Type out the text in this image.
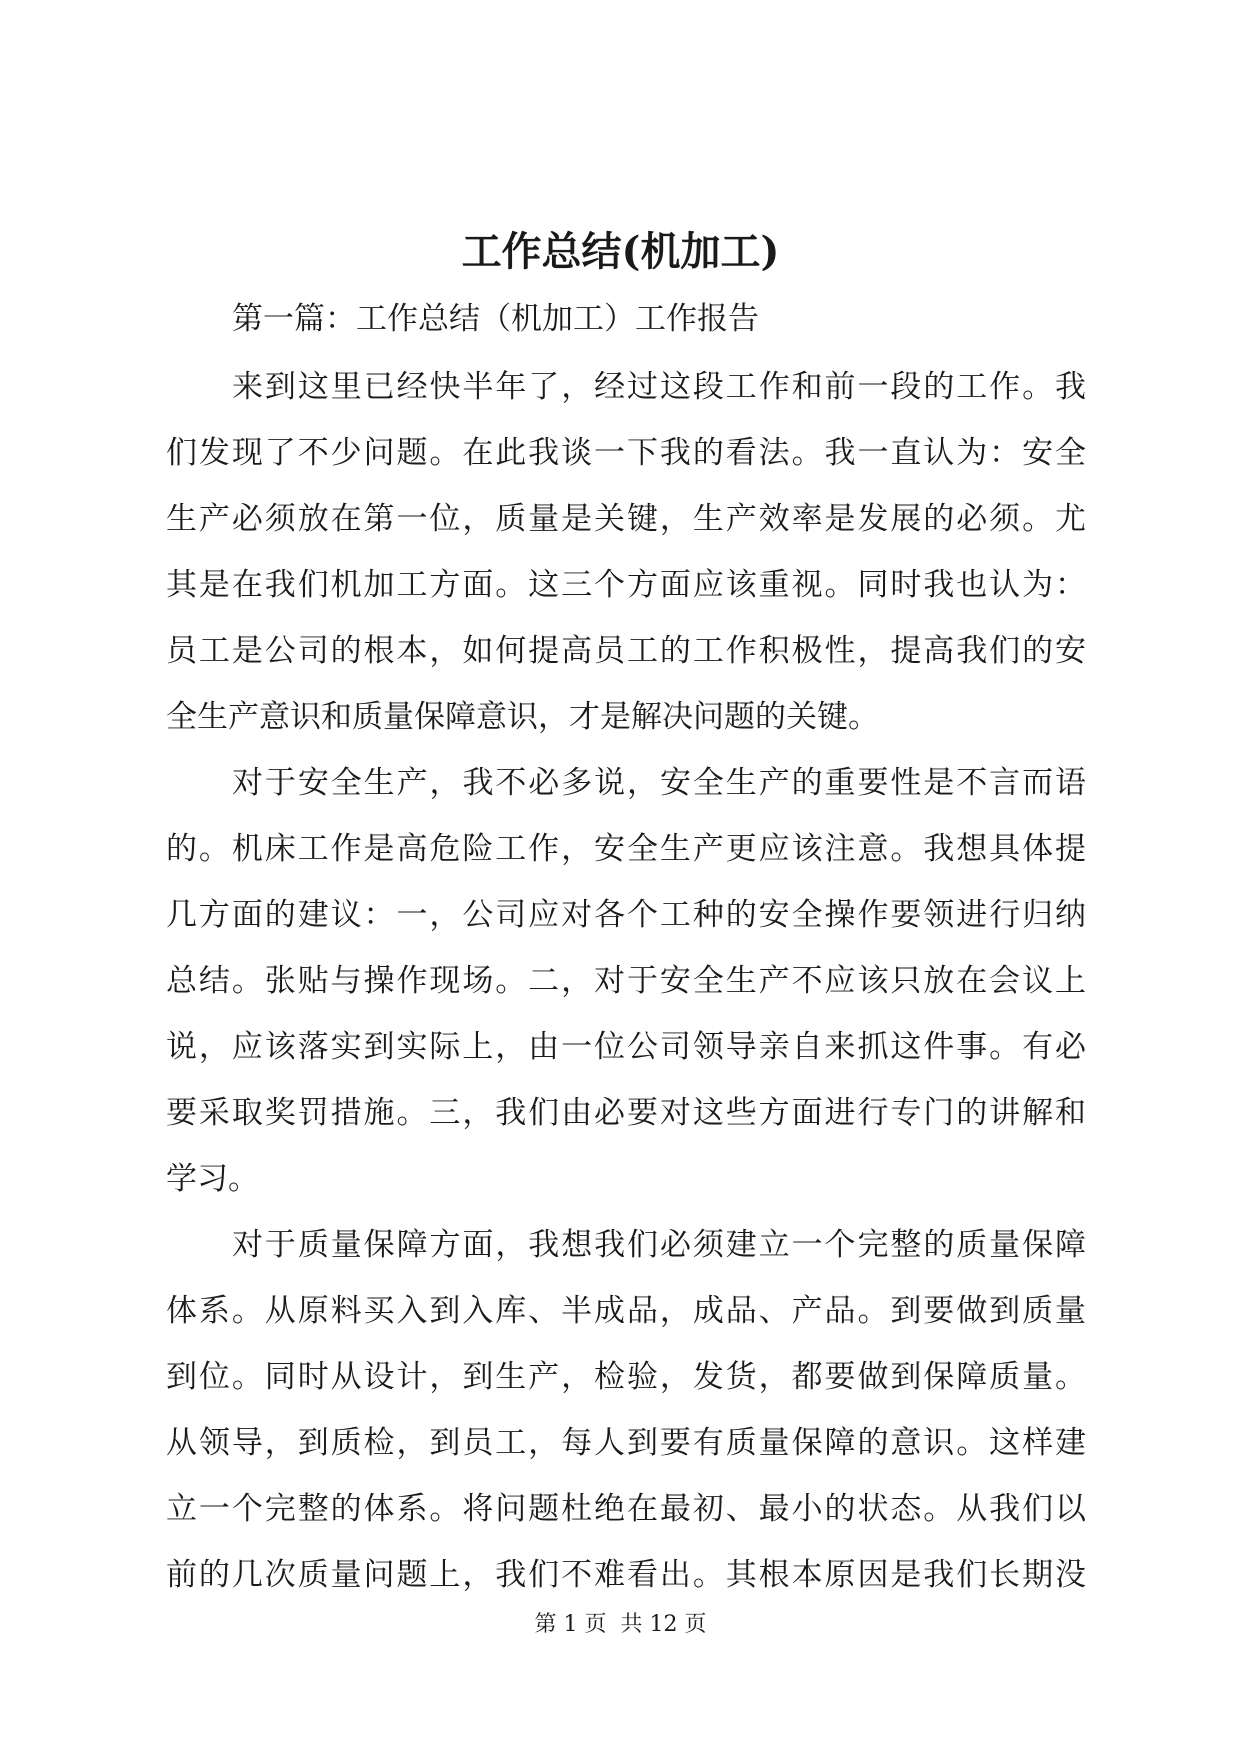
工作总结(机加工)
第一篇：工作总结（机加工）工作报告
来到这里已经快半年了，经过这段工作和前一段的工作。我
们发现了不少问题。在此我谈一下我的看法。我一直认为：安全
生产必须放在第一位，质量是关键，生产效率是发展的必须。尤
其是在我们机加工方面。这三个方面应该重视。同时我也认为：
员工是公司的根本，如何提高员工的工作积极性，提高我们的安
全生产意识和质量保障意识，才是解决问题的关键。
对于安全生产，我不必多说，安全生产的重要性是不言而语
的。机床工作是高危险工作，安全生产更应该注意。我想具体提
几方面的建议：一，公司应对各个工种的安全操作要领进行归纳
总结。张贴与操作现场。二，对于安全生产不应该只放在会议上
说，应该落实到实际上，由一位公司领导亲自来抓这件事。有必
要采取奖罚措施。三，我们由必要对这些方面进行专门的讲解和
学习。
对于质量保障方面，我想我们必须建立一个完整的质量保障
体系。从原料买入到入库、半成品，成品、产品。到要做到质量
到位。同时从设计，到生产，检验，发货，都要做到保障质量。
从领导，到质检，到员工，每人到要有质量保障的意识。这样建
立一个完整的体系。将问题杜绝在最初、最小的状态。从我们以
前的几次质量问题上，我们不难看出。其根本原因是我们长期没
第 1 页  共 12 页
